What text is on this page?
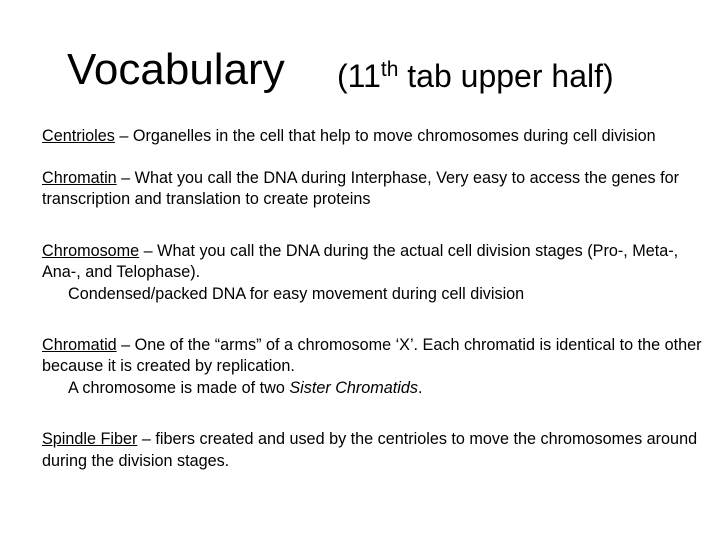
Vocabulary (11th tab upper half)

Centrioles – Organelles in the cell that help to move chromosomes during cell division

Chromatin – What you call the DNA during Interphase, Very easy to access the genes for transcription and translation to create proteins

Chromosome – What you call the DNA during the actual cell division stages (Pro-, Meta-, Ana-, and Telophase).
Condensed/packed DNA for easy movement during cell division

Chromatid – One of the “arms” of a chromosome ‘X’. Each chromatid is identical to the other because it is created by replication.
A chromosome is made of two Sister Chromatids.

Spindle Fiber – fibers created and used by the centrioles to move the chromosomes around during the division stages.
